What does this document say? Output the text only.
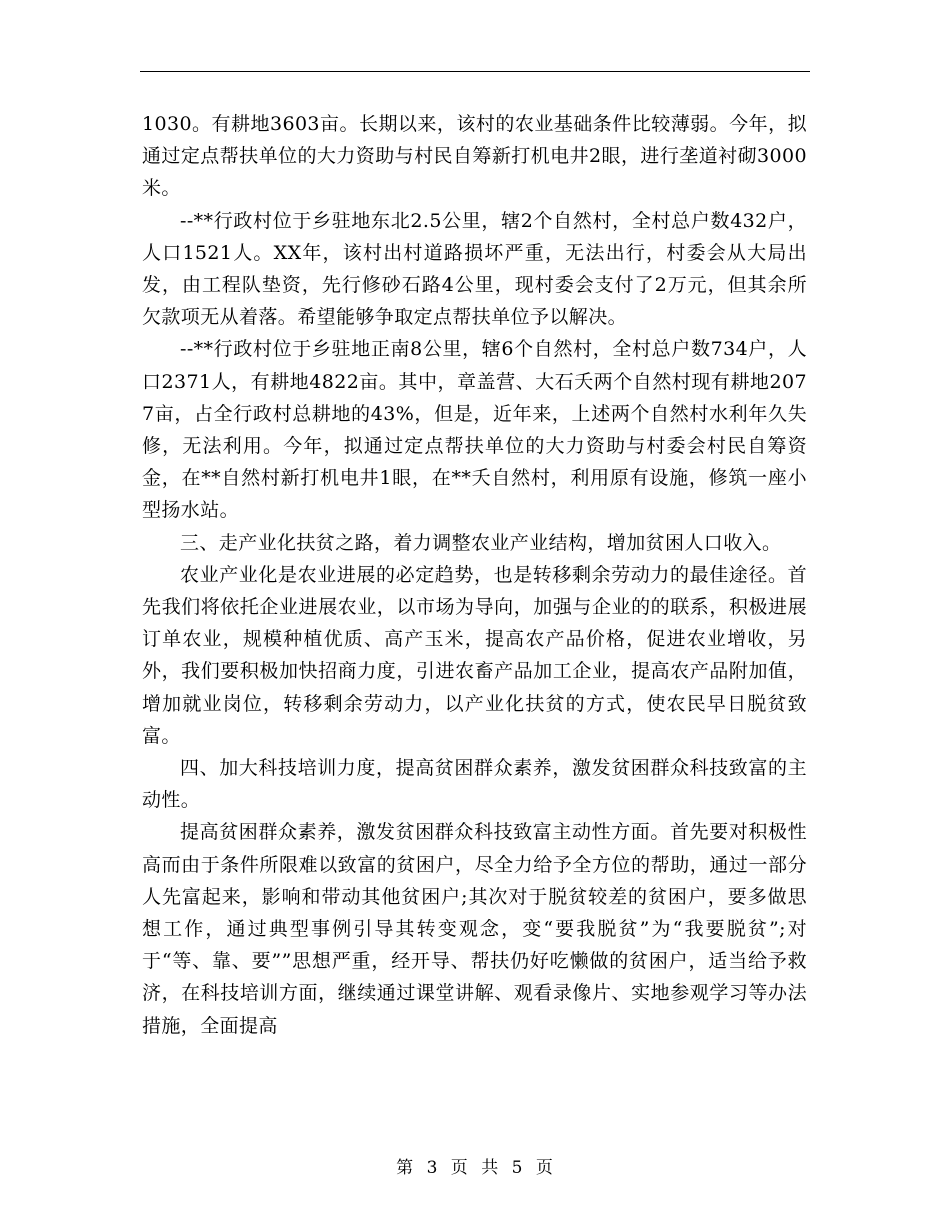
1030。有耕地3603亩。长期以来，该村的农业基础条件比较薄弱。今年，拟通过定点帮扶单位的大力资助与村民自筹新打机电井2眼，进行垄道衬砌3000米。

--**行政村位于乡驻地东北2.5公里，辖2个自然村，全村总户数432户，人口1521人。XX年，该村出村道路损坏严重，无法出行，村委会从大局出发，由工程队垫资，先行修砂石路4公里，现村委会支付了2万元，但其余所欠款项无从着落。希望能够争取定点帮扶单位予以解决。

--**行政村位于乡驻地正南8公里，辖6个自然村，全村总户数734户，人口2371人，有耕地4822亩。其中，章盖营、大石夭两个自然村现有耕地2077亩，占全行政村总耕地的43%，但是，近年来，上述两个自然村水利年久失修，无法利用。今年，拟通过定点帮扶单位的大力资助与村委会村民自筹资金，在**自然村新打机电井1眼，在**夭自然村，利用原有设施，修筑一座小型扬水站。

三、走产业化扶贫之路，着力调整农业产业结构，增加贫困人口收入。

农业产业化是农业进展的必定趋势，也是转移剩余劳动力的最佳途径。首先我们将依托企业进展农业，以市场为导向，加强与企业的的联系，积极进展订单农业，规模种植优质、高产玉米，提高农产品价格，促进农业增收，另外，我们要积极加快招商力度，引进农畜产品加工企业，提高农产品附加值，增加就业岗位，转移剩余劳动力，以产业化扶贫的方式，使农民早日脱贫致富。

四、加大科技培训力度，提高贫困群众素养，激发贫困群众科技致富的主动性。

提高贫困群众素养，激发贫困群众科技致富主动性方面。首先要对积极性高而由于条件所限难以致富的贫困户，尽全力给予全方位的帮助，通过一部分人先富起来，影响和带动其他贫困户;其次对于脱贫较差的贫困户，要多做思想工作，通过典型事例引导其转变观念，变“要我脱贫”为“我要脱贫”;对于“等、靠、要””思想严重，经开导、帮扶仍好吃懒做的贫困户，适当给予救济，在科技培训方面，继续通过课堂讲解、观看录像片、实地参观学习等办法措施，全面提高

第 3 页 共 5 页
